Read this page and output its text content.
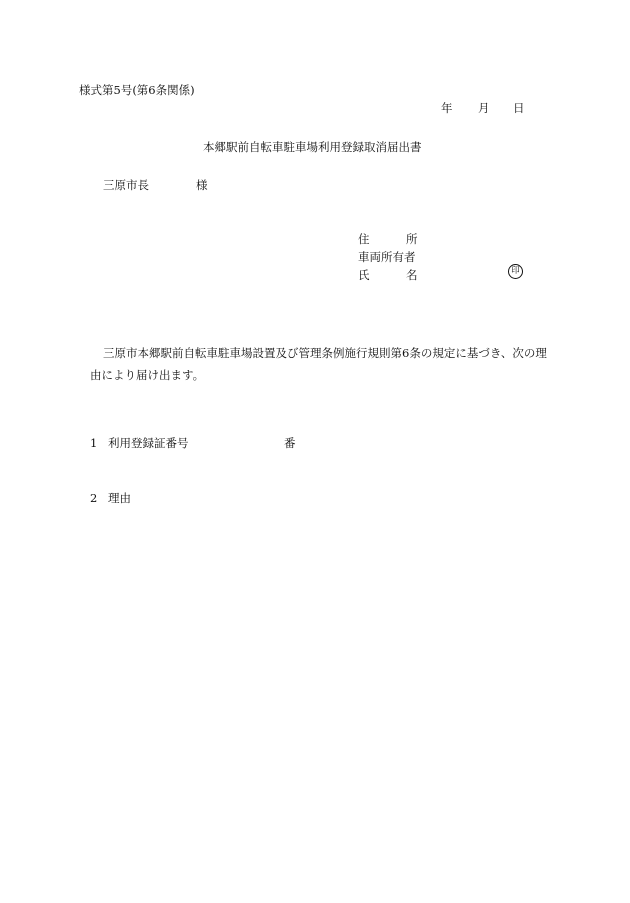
様式第5号(第6条関係)
年 月 日
本郷駅前自転車駐車場利用登録取消届出書
三原市長	様
住	所
車両所有者
氏	名	印
三原市本郷駅前自転車駐車場設置及び管理条例施行規則第6条の規定に基づき、次の理由により届け出ます。
1 利用登録証番号	番
2 理由
